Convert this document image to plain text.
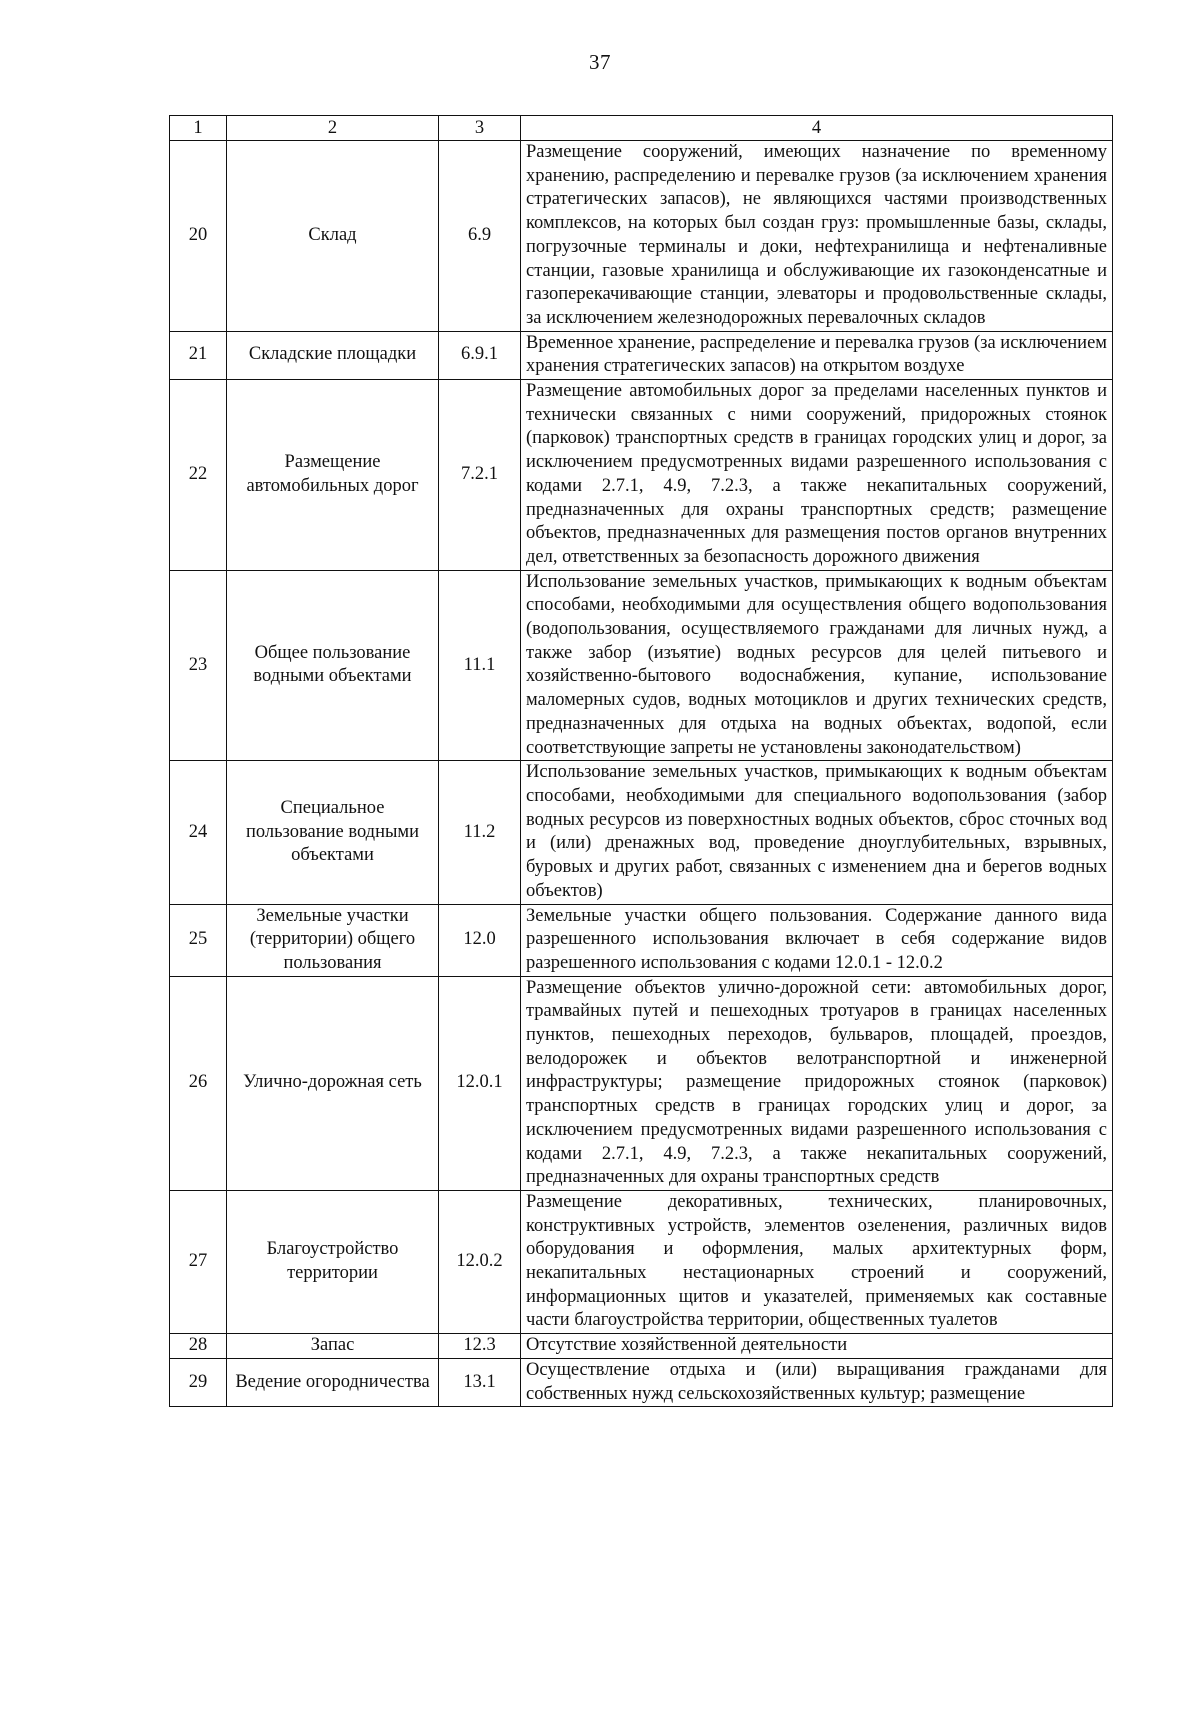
37
1	2	3	4
20	Склад	6.9	Размещение сооружений, имеющих назначение по временному хранению, распределению и перевалке грузов (за исключением хранения стратегических запасов), не являющихся частями производственных комплексов, на которых был создан груз: промышленные базы, склады, погрузочные терминалы и доки, нефтехранилища и нефтеналивные станции, газовые хранилища и обслуживающие их газоконденсатные и газоперекачивающие станции, элеваторы и продовольственные склады, за исключением железнодорожных перевалочных складов
21	Складские площадки	6.9.1	Временное хранение, распределение и перевалка грузов (за исключением хранения стратегических запасов) на открытом воздухе
22	Размещение автомобильных дорог	7.2.1	Размещение автомобильных дорог за пределами населенных пунктов и технически связанных с ними сооружений, придорожных стоянок (парковок) транспортных средств в границах городских улиц и дорог, за исключением предусмотренных видами разрешенного использования с кодами 2.7.1, 4.9, 7.2.3, а также некапитальных сооружений, предназначенных для охраны транспортных средств; размещение объектов, предназначенных для размещения постов органов внутренних дел, ответственных за безопасность дорожного движения
23	Общее пользование водными объектами	11.1	Использование земельных участков, примыкающих к водным объектам способами, необходимыми для осуществления общего водопользования (водопользования, осуществляемого гражданами для личных нужд, а также забор (изъятие) водных ресурсов для целей питьевого и хозяйственно-бытового водоснабжения, купание, использование маломерных судов, водных мотоциклов и других технических средств, предназначенных для отдыха на водных объектах, водопой, если соответствующие запреты не установлены законодательством)
24	Специальное пользование водными объектами	11.2	Использование земельных участков, примыкающих к водным объектам способами, необходимыми для специального водопользования (забор водных ресурсов из поверхностных водных объектов, сброс сточных вод и (или) дренажных вод, проведение дноуглубительных, взрывных, буровых и других работ, связанных с изменением дна и берегов водных объектов)
25	Земельные участки (территории) общего пользования	12.0	Земельные участки общего пользования. Содержание данного вида разрешенного использования включает в себя содержание видов разрешенного использования с кодами 12.0.1 - 12.0.2
26	Улично-дорожная сеть	12.0.1	Размещение объектов улично-дорожной сети: автомобильных дорог, трамвайных путей и пешеходных тротуаров в границах населенных пунктов, пешеходных переходов, бульваров, площадей, проездов, велодорожек и объектов велотранспортной и инженерной инфраструктуры; размещение придорожных стоянок (парковок) транспортных средств в границах городских улиц и дорог, за исключением предусмотренных видами разрешенного использования с кодами 2.7.1, 4.9, 7.2.3, а также некапитальных сооружений, предназначенных для охраны транспортных средств
27	Благоустройство территории	12.0.2	Размещение декоративных, технических, планировочных, конструктивных устройств, элементов озеленения, различных видов оборудования и оформления, малых архитектурных форм, некапитальных нестационарных строений и сооружений, информационных щитов и указателей, применяемых как составные части благоустройства территории, общественных туалетов
28	Запас	12.3	Отсутствие хозяйственной деятельности
29	Ведение огородничества	13.1	Осуществление отдыха и (или) выращивания гражданами для собственных нужд сельскохозяйственных культур; размещение
